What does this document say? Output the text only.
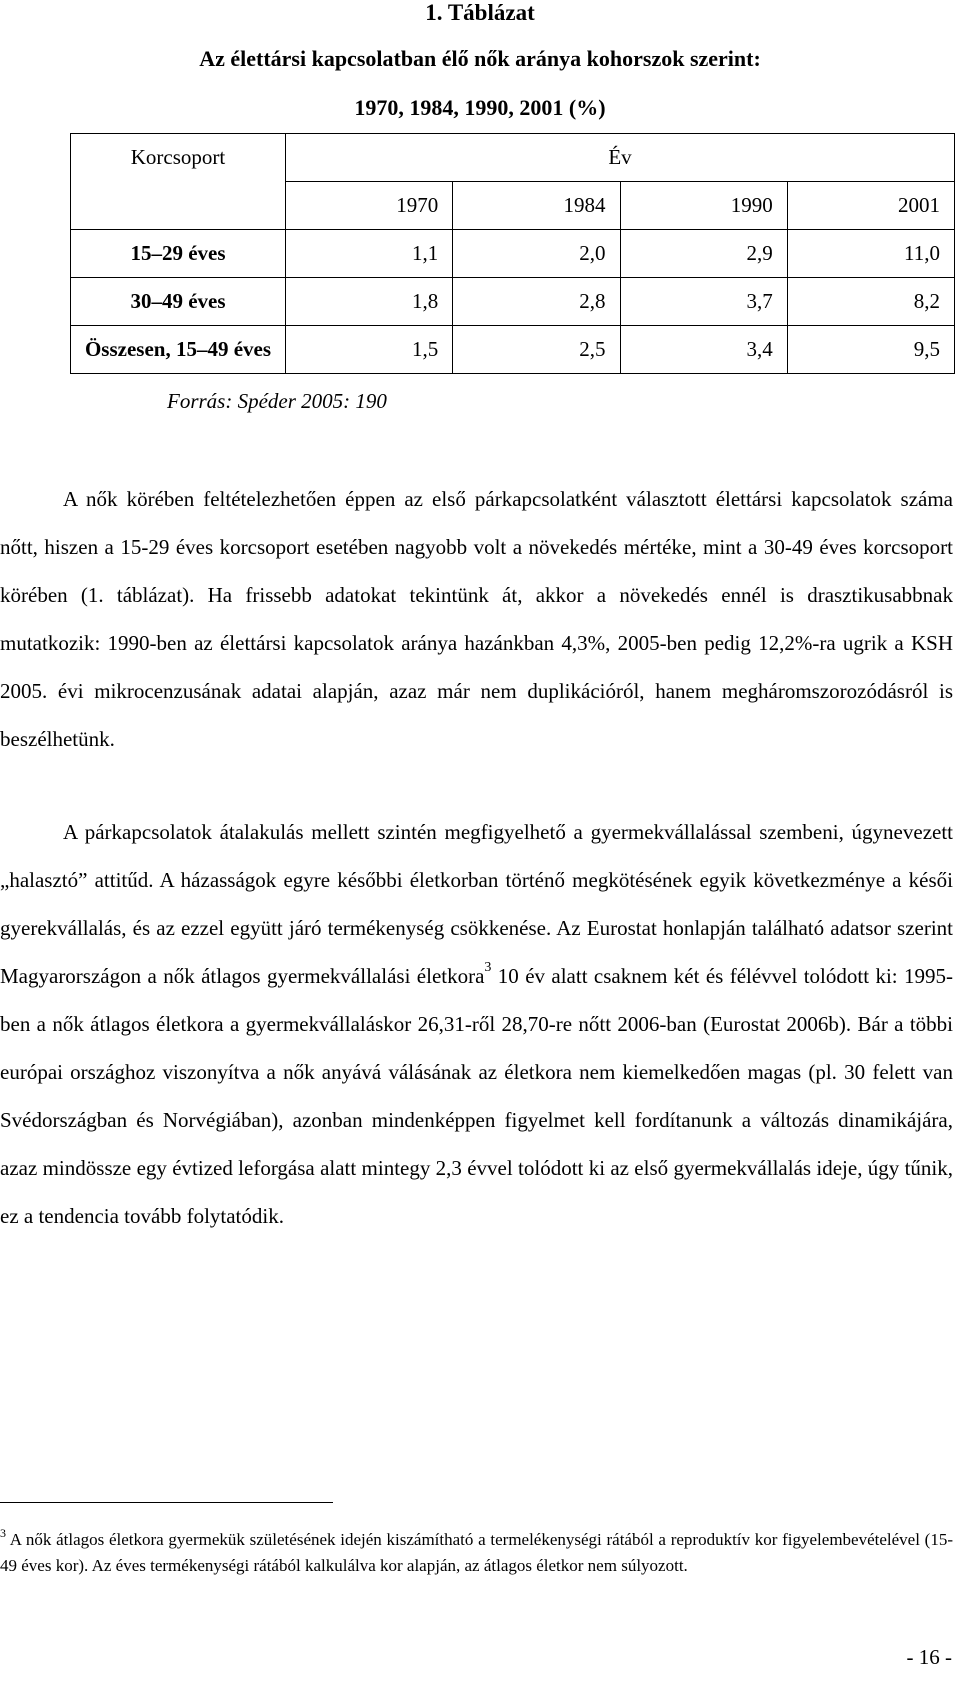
1. Táblázat
Az élettársi kapcsolatban élő nők aránya kohorszok szerint:
1970, 1984, 1990, 2001 (%)
Korcsoport	Év			
	1970	1984	1990	2001
15–29 éves	1,1	2,0	2,9	11,0
30–49 éves	1,8	2,8	3,7	8,2
Összesen, 15–49 éves	1,5	2,5	3,4	9,5
Forrás: Spéder 2005: 190

A nők körében feltételezhetően éppen az első párkapcsolatként választott élettársi kapcsolatok száma nőtt, hiszen a 15-29 éves korcsoport esetében nagyobb volt a növekedés mértéke, mint a 30-49 éves korcsoport körében (1. táblázat). Ha frissebb adatokat tekintünk át, akkor a növekedés ennél is drasztikusabbnak mutatkozik: 1990-ben az élettársi kapcsolatok aránya hazánkban 4,3%, 2005-ben pedig 12,2%-ra ugrik a KSH 2005. évi mikrocenzusának adatai alapján, azaz már nem duplikációról, hanem megháromszorozódásról is beszélhetünk.

A párkapcsolatok átalakulás mellett szintén megfigyelhető a gyermekvállalással szembeni, úgynevezett „halasztó” attitűd. A házasságok egyre későbbi életkorban történő megkötésének egyik következménye a késői gyerekvállalás, és az ezzel együtt járó termékenység csökkenése. Az Eurostat honlapján található adatsor szerint Magyarországon a nők átlagos gyermekvállalási életkora$^3$ 10 év alatt csaknem két és félévvel tolódott ki: 1995-ben a nők átlagos életkora a gyermekvállaláskor 26,31-ről 28,70-re nőtt 2006-ban (Eurostat 2006b). Bár a többi európai országhoz viszonyítva a nők anyává válásának az életkora nem kiemelkedően magas (pl. 30 felett van Svédországban és Norvégiában), azonban mindenképpen figyelmet kell fordítanunk a változás dinamikájára, azaz mindössze egy évtized leforgása alatt mintegy 2,3 évvel tolódott ki az első gyermekvállalás ideje, úgy tűnik, ez a tendencia tovább folytatódik.

$^3$ A nők átlagos életkora gyermekük születésének idején kiszámítható a termelékenységi rátából a reproduktív kor figyelembevételével (15-49 éves kor). Az éves termékenységi rátából kalkulálva kor alapján, az átlagos életkor nem súlyozott.
- 16 -
